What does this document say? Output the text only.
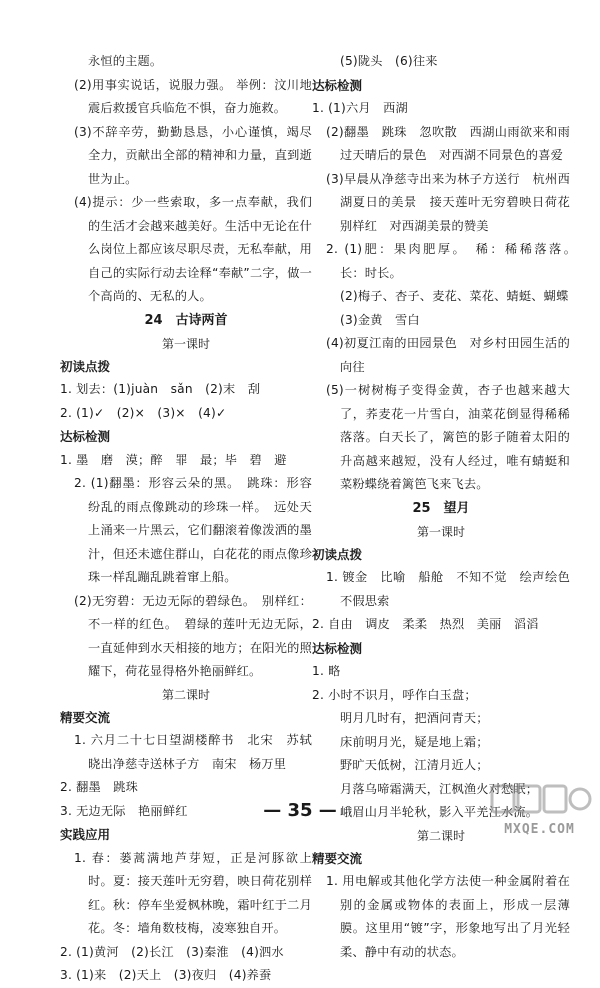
永恒的主题。
(2)用事实说话，说服力强。 举例：汶川地震后救援官兵临危不惧，奋力施救。
(3)不辞辛劳，勤勤恳恳，小心谨慎，竭尽全力，贡献出全部的精神和力量，直到逝世为止。
(4)提示：少一些索取，多一点奉献，我们的生活才会越来越美好。生活中无论在什么岗位上都应该尽职尽责，无私奉献，用自己的实际行动去诠释“奉献”二字，做一个高尚的、无私的人。
24　古诗两首
第一课时
初读点拨
1. 划去：(1)juàn　sǎn　(2)末　刮
2. (1)✓　(2)×　(3)×　(4)✓
达标检测
1. 墨　磨　漠；醉　罪　最；毕　碧　避
2. (1)翻墨：形容云朵的黑。　跳珠：形容纷乱的雨点像跳动的珍珠一样。　远处天上涌来一片黑云，它们翻滚着像泼洒的墨汁，但还未遮住群山，白花花的雨点像珍珠一样乱蹦乱跳着窜上船。
(2)无穷碧：无边无际的碧绿色。　别样红：不一样的红色。　碧绿的莲叶无边无际，一直延伸到水天相接的地方；在阳光的照耀下，荷花显得格外艳丽鲜红。
第二课时
精要交流
1. 六月二十七日望湖楼醉书　北宋　苏轼　晓出净慈寺送林子方　南宋　杨万里
2. 翻墨　跳珠
3. 无边无际　艳丽鲜红
实践应用
1. 春：蒌蒿满地芦芽短，正是河豚欲上时。夏：接天莲叶无穷碧，映日荷花别样红。秋：停车坐爱枫林晚，霜叶红于二月花。冬：墙角数枝梅，凌寒独自开。
2. (1)黄河　(2)长江　(3)秦淮　(4)泗水
3. (1)来　(2)天上　(3)夜归　(4)养蚕
(5)陇头　(6)往来
达标检测
1. (1)六月　西湖
(2)翻墨　跳珠　忽吹散　西湖山雨欲来和雨过天晴后的景色　对西湖不同景色的喜爱
(3)早晨从净慈寺出来为林子方送行　杭州西湖夏日的美景　接天莲叶无穷碧映日荷花别样红　对西湖美景的赞美
2. (1)肥：果肉肥厚。　稀：稀稀落落。　长：时长。
(2)梅子、杏子、麦花、菜花、蜻蜓、蝴蝶
(3)金黄　雪白
(4)初夏江南的田园景色　对乡村田园生活的向往
(5)一树树梅子变得金黄，杏子也越来越大了，荞麦花一片雪白，油菜花倒显得稀稀落落。白天长了，篱笆的影子随着太阳的升高越来越短，没有人经过，唯有蜻蜓和菜粉蝶绕着篱笆飞来飞去。
25　望月
第一课时
初读点拨
1. 镀金　比喻　船舱　不知不觉　绘声绘色　不假思索
2. 自由　调皮　柔柔　热烈　美丽　滔滔
达标检测
1. 略
2. 小时不识月，呼作白玉盘；
明月几时有，把酒问青天；
床前明月光，疑是地上霜；
野旷天低树，江清月近人；
月落乌啼霜满天，江枫渔火对愁眠；
峨眉山月半轮秋，影入平羌江水流。
第二课时
精要交流
1. 用电解或其他化学方法使一种金属附着在别的金属或物体的表面上，形成一层薄膜。这里用“镀”字，形象地写出了月光轻柔、静中有动的状态。
— 35 —
MXQE.COM
